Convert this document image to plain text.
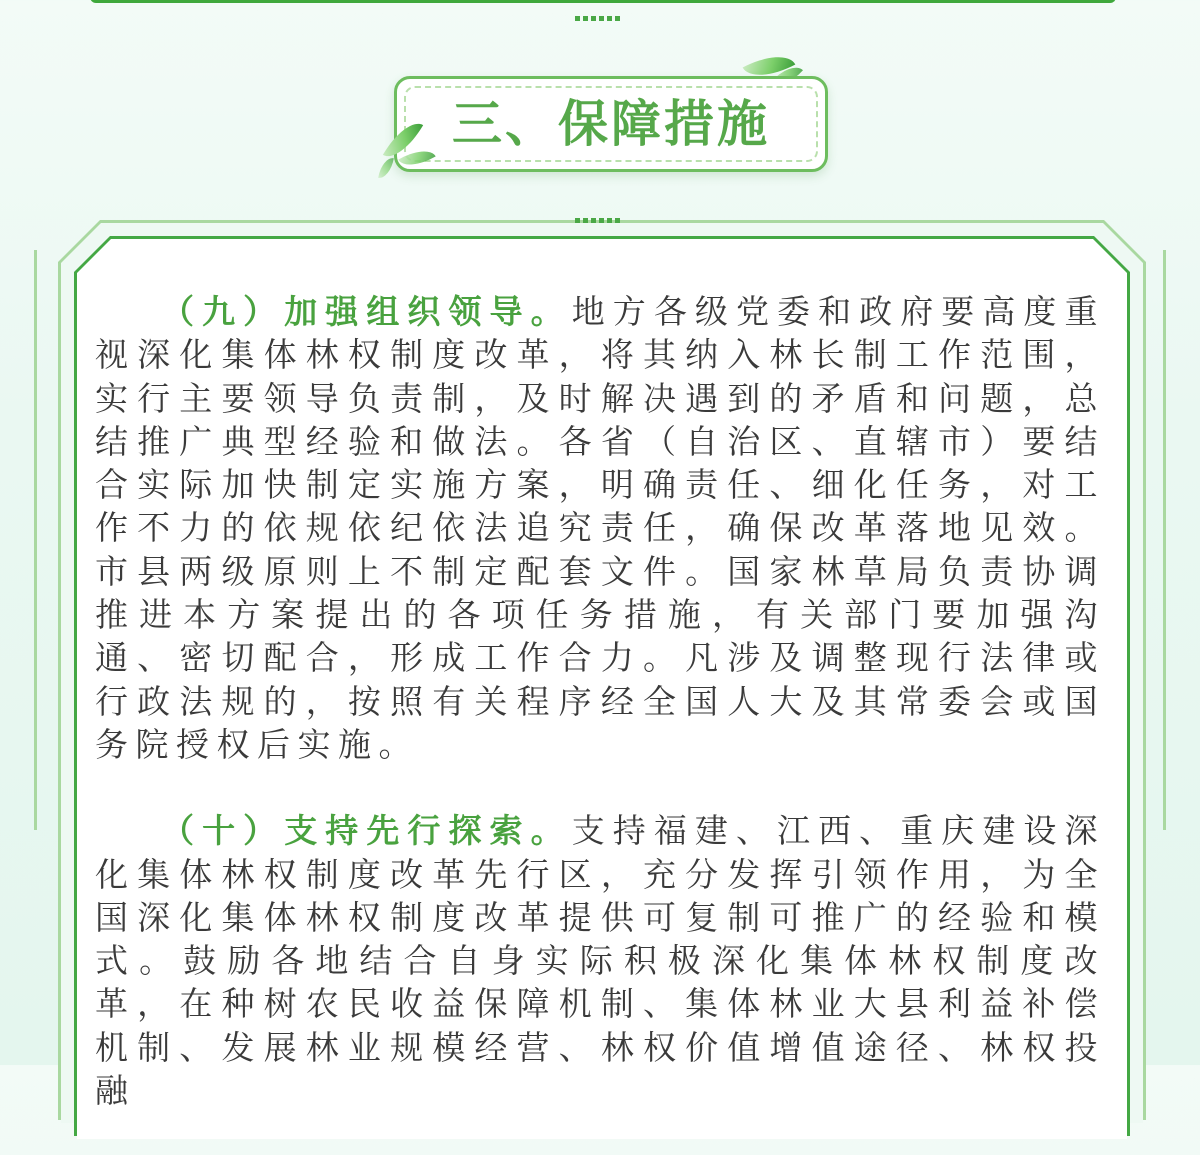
三、保障措施

（九）加强组织领导。地方各级党委和政府要高度重视深化集体林权制度改革，将其纳入林长制工作范围，实行主要领导负责制，及时解决遇到的矛盾和问题，总结推广典型经验和做法。各省（自治区、直辖市）要结合实际加快制定实施方案，明确责任、细化任务，对工作不力的依规依纪依法追究责任，确保改革落地见效。市县两级原则上不制定配套文件。国家林草局负责协调推进本方案提出的各项任务措施，有关部门要加强沟通、密切配合，形成工作合力。凡涉及调整现行法律或行政法规的，按照有关程序经全国人大及其常委会或国务院授权后实施。

（十）支持先行探索。支持福建、江西、重庆建设深化集体林权制度改革先行区，充分发挥引领作用，为全国深化集体林权制度改革提供可复制可推广的经验和模式。鼓励各地结合自身实际积极深化集体林权制度改革，在种树农民收益保障机制、集体林业大县利益补偿机制、发展林业规模经营、林权价值增值途径、林权投融
